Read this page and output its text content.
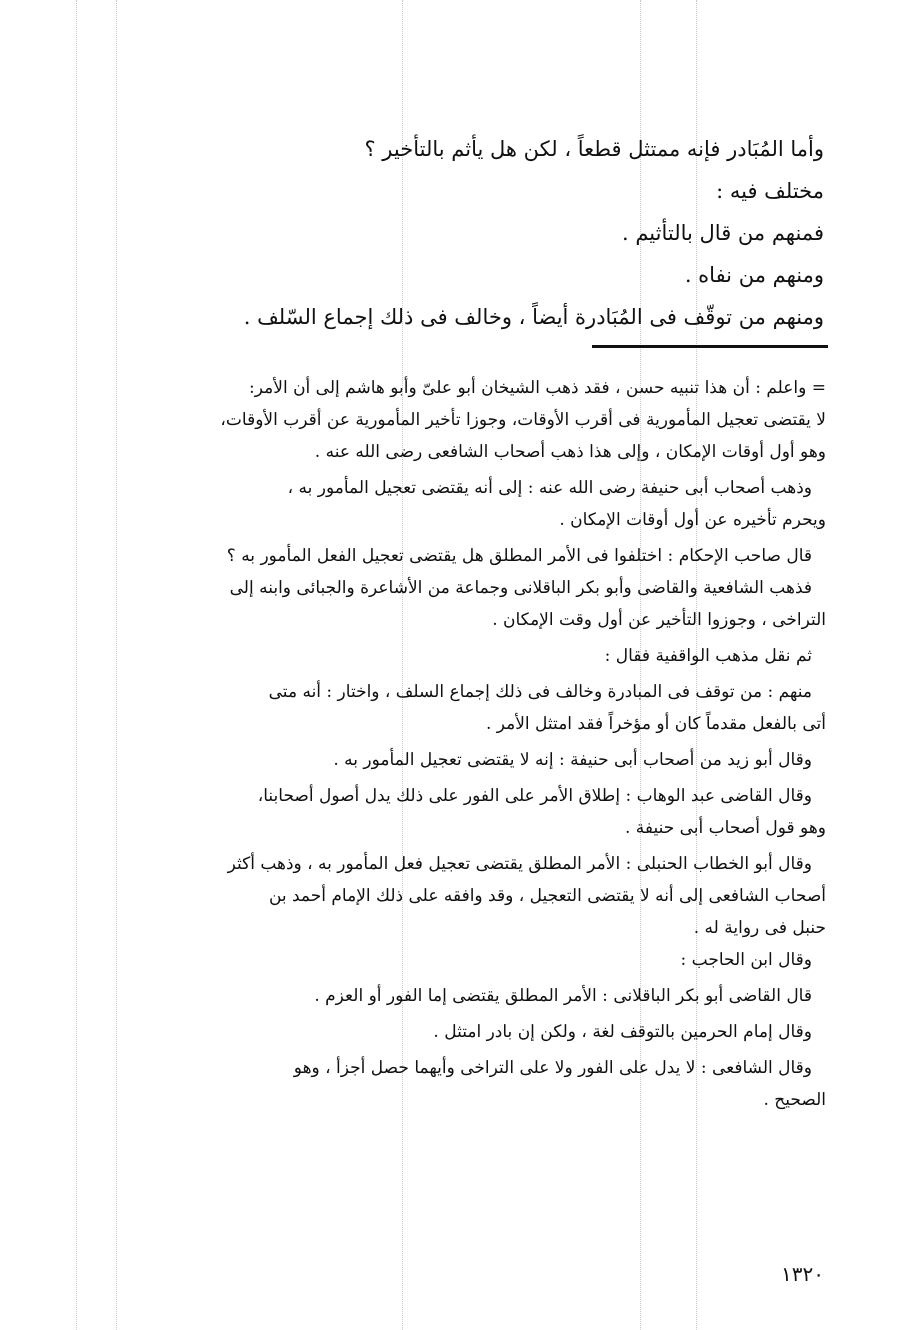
وأما المُبَادر فإنه ممتثل قطعاً ، لكن هل يأثم بالتأخير ؟
مختلف فيه :
فمنهم من قال بالتأثيم .
ومنهم من نفاه .
ومنهم من توقّف فى المُبَادرة أيضاً ، وخالف فى ذلك إجماع السّلف .
= واعلم : أن هذا تنبيه حسن ، فقد ذهب الشيخان أبو علىّ وأبو هاشم إلى أن الأمر:
لا يقتضى تعجيل المأمورية فى أقرب الأوقات، وجوزا تأخير المأمورية عن أقرب الأوقات،
وهو أول أوقات الإمكان ، وإلى هذا ذهب أصحاب الشافعى رضى الله عنه .
وذهب أصحاب أبى حنيفة رضى الله عنه : إلى أنه يقتضى تعجيل المأمور به ،
ويحرم تأخيره عن أول أوقات الإمكان .
قال صاحب الإحكام : اختلفوا فى الأمر المطلق هل يقتضى تعجيل الفعل المأمور به ؟
فذهب الشافعية والقاضى وأبو بكر الباقلانى وجماعة من الأشاعرة والجبائى وابنه إلى
التراخى ، وجوزوا التأخير عن أول وقت الإمكان .
ثم نقل مذهب الواقفية فقال :
منهم : من توقف فى المبادرة وخالف فى ذلك إجماع السلف ، واختار : أنه متى
أتى بالفعل مقدماً كان أو مؤخراً فقد امتثل الأمر .
وقال أبو زيد من أصحاب أبى حنيفة : إنه لا يقتضى تعجيل المأمور به .
وقال القاضى عبد الوهاب : إطلاق الأمر على الفور على ذلك يدل أصول أصحابنا،
وهو قول أصحاب أبى حنيفة .
وقال أبو الخطاب الحنبلى : الأمر المطلق يقتضى تعجيل فعل المأمور به ، وذهب أكثر
أصحاب الشافعى إلى أنه لا يقتضى التعجيل ، وقد وافقه على ذلك الإمام أحمد بن
حنبل فى رواية له .
وقال ابن الحاجب :
قال القاضى أبو بكر الباقلانى : الأمر المطلق يقتضى إما الفور أو العزم .
وقال إمام الحرمين بالتوقف لغة ، ولكن إن بادر امتثل .
وقال الشافعى : لا يدل على الفور ولا على التراخى وأيهما حصل أجزأ ، وهو
الصحيح .
١٣٢٠
